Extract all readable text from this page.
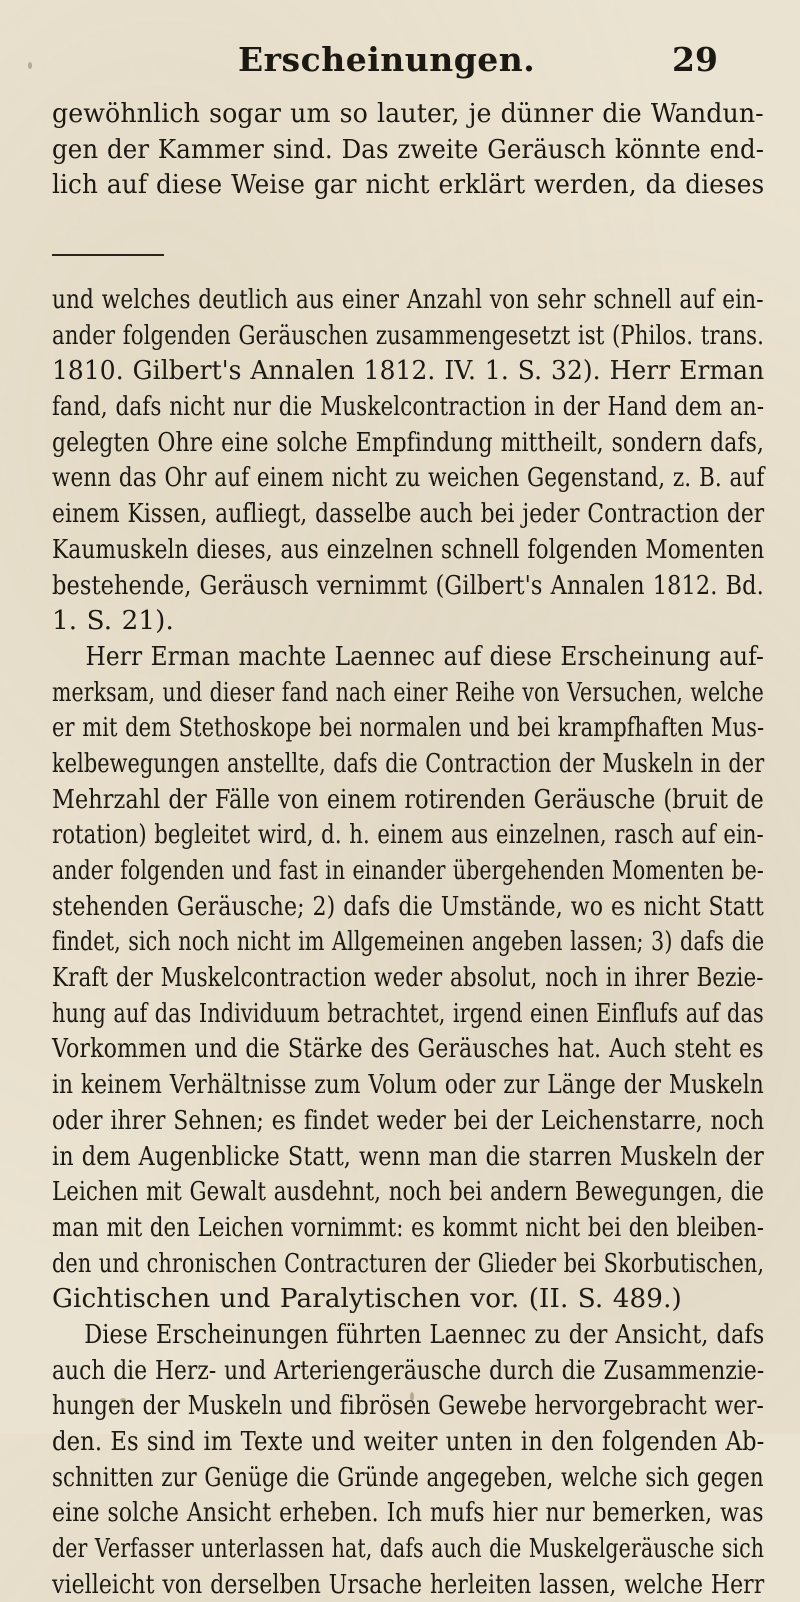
Erscheinungen.	29
gewöhnlich sogar um so lauter, je dünner die Wandun-
gen der Kammer sind. Das zweite Geräusch könnte end-
lich auf diese Weise gar nicht erklärt werden, da dieses
und welches deutlich aus einer Anzahl von sehr schnell auf ein-
ander folgenden Geräuschen zusammengesetzt ist (Philos. trans.
1810. Gilbert's Annalen 1812. IV. 1. S. 32). Herr Erman
fand, dafs nicht nur die Muskelcontraction in der Hand dem an-
gelegten Ohre eine solche Empfindung mittheilt, sondern dafs,
wenn das Ohr auf einem nicht zu weichen Gegenstand, z. B. auf
einem Kissen, aufliegt, dasselbe auch bei jeder Contraction der
Kaumuskeln dieses, aus einzelnen schnell folgenden Momenten
bestehende, Geräusch vernimmt (Gilbert's Annalen 1812. Bd.
1. S. 21).
Herr Erman machte Laennec auf diese Erscheinung auf-
merksam, und dieser fand nach einer Reihe von Versuchen, welche
er mit dem Stethoskope bei normalen und bei krampfhaften Mus-
kelbewegungen anstellte, dafs die Contraction der Muskeln in der
Mehrzahl der Fälle von einem rotirenden Geräusche (bruit de
rotation) begleitet wird, d. h. einem aus einzelnen, rasch auf ein-
ander folgenden und fast in einander übergehenden Momenten be-
stehenden Geräusche; 2) dafs die Umstände, wo es nicht Statt
findet, sich noch nicht im Allgemeinen angeben lassen; 3) dafs die
Kraft der Muskelcontraction weder absolut, noch in ihrer Bezie-
hung auf das Individuum betrachtet, irgend einen Einflufs auf das
Vorkommen und die Stärke des Geräusches hat. Auch steht es
in keinem Verhältnisse zum Volum oder zur Länge der Muskeln
oder ihrer Sehnen; es findet weder bei der Leichenstarre, noch
in dem Augenblicke Statt, wenn man die starren Muskeln der
Leichen mit Gewalt ausdehnt, noch bei andern Bewegungen, die
man mit den Leichen vornimmt: es kommt nicht bei den bleiben-
den und chronischen Contracturen der Glieder bei Skorbutischen,
Gichtischen und Paralytischen vor. (II. S. 489.)
Diese Erscheinungen führten Laennec zu der Ansicht, dafs
auch die Herz- und Arteriengeräusche durch die Zusammenzie-
hungen der Muskeln und fibrösen Gewebe hervorgebracht wer-
den. Es sind im Texte und weiter unten in den folgenden Ab-
schnitten zur Genüge die Gründe angegeben, welche sich gegen
eine solche Ansicht erheben. Ich mufs hier nur bemerken, was
der Verfasser unterlassen hat, dafs auch die Muskelgeräusche sich
vielleicht von derselben Ursache herleiten lassen, welche Herr
